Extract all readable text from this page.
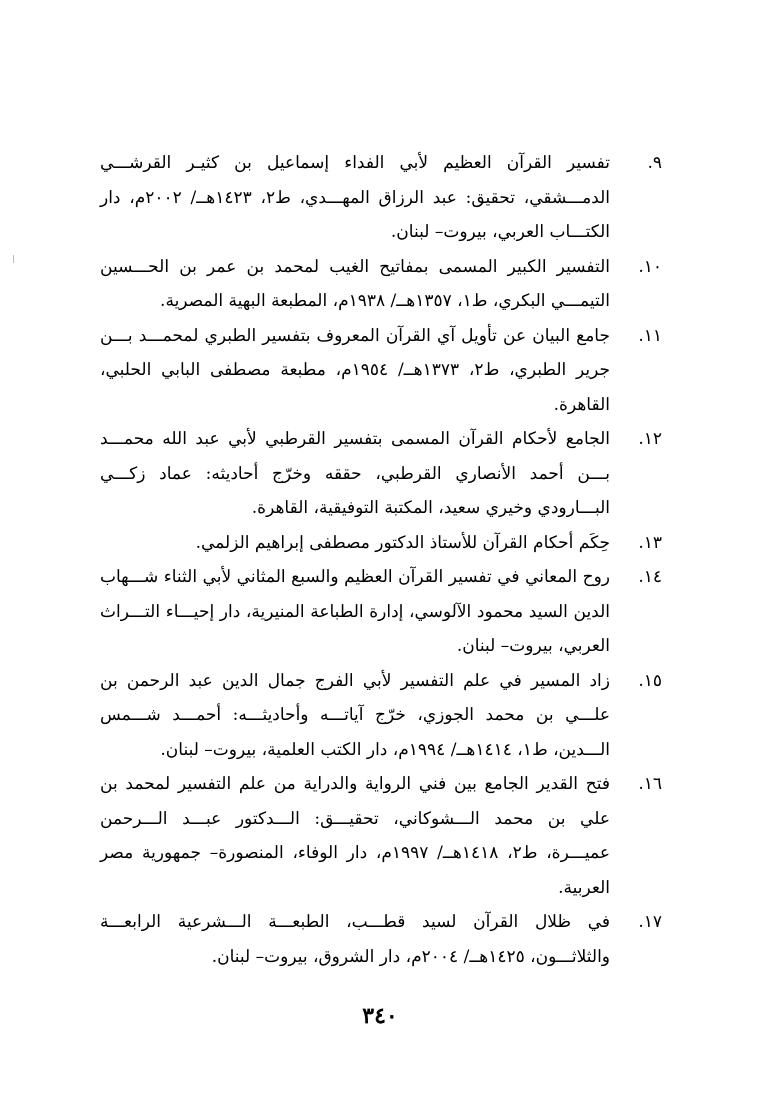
٩.
تفسير القرآن العظيم لأبي الفداء إسماعيل بن كثيـر القرشـــي الدمـــشقي، تحقيق: عبد الرزاق المهـــدي، ط٢، ١٤٢٣هــ/ ٢٠٠٢م، دار الكتـــاب العربي، بيروت– لبنان.

١٠.
التفسير الكبير المسمى بمفاتيح الغيب لمحمد بن عمر بن الحـــسين التيمـــي البكري، ط١، ١٣٥٧هــ/ ١٩٣٨م، المطبعة البهية المصرية.

١١.
جامع البيان عن تأويل آي القرآن المعروف بتفسير الطبري لمحمـــد بـــن جرير الطبري، ط٢، ١٣٧٣هــ/ ١٩٥٤م، مطبعة مصطفى البابي الحلبي، القاهرة.

١٢.
الجامع لأحكام القرآن المسمى بتفسير القرطبي لأبي عبد الله محمـــد بـــن أحمد الأنصاري القرطبي، حققه وخرّج أحاديثه: عماد زكـــي البـــارودي وخيري سعيد، المكتبة التوفيقية، القاهرة.

١٣.
حِكَم أحكام القرآن للأستاذ الدكتور مصطفى إبراهيم الزلمي.

١٤.
روح المعاني في تفسير القرآن العظيم والسبع المثاني لأبي الثناء شـــهاب الدين السيد محمود الآلوسي، إدارة الطباعة المنيرية، دار إحيـــاء التـــراث العربي، بيروت– لبنان.

١٥.
زاد المسير في علم التفسير لأبي الفرج جمال الدين عبد الرحمن بن علـــي بن محمد الجوزي، خرّج آياتـــه وأحاديثـــه: أحمـــد شـــمس الـــدين، ط١، ١٤١٤هــ/ ١٩٩٤م، دار الكتب العلمية، بيروت– لبنان.

١٦.
فتح القدير الجامع بين فني الرواية والدراية من علم التفسير لمحمد بن علي بن محمد الـــشوكاني، تحقيـــق: الـــدكتور عبـــد الـــرحمن عميـــرة، ط٢، ١٤١٨هــ/ ١٩٩٧م، دار الوفاء، المنصورة– جمهورية مصر العربية.

١٧.
في ظلال القرآن لسيد قطـــب، الطبعـــة الـــشرعية الرابعـــة والثلاثـــون، ١٤٢٥هــ/ ٢٠٠٤م، دار الشروق، بيروت– لبنان.

٣٤٠
